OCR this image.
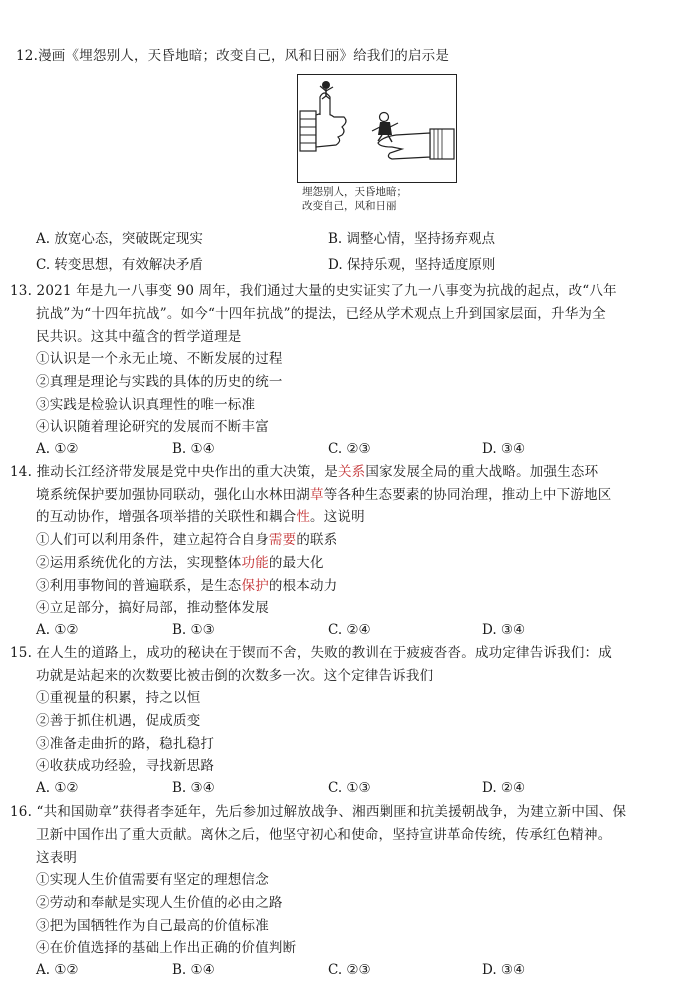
12.漫画《埋怨别人，天昏地暗；改变自己，风和日丽》给我们的启示是
埋怨别人，天昏地暗；
改变自己，风和日丽
A. 放宽心态，突破既定现实	B. 调整心情，坚持扬弃观点
C. 转变思想，有效解决矛盾	D. 保持乐观，坚持适度原则
13. 2021 年是九一八事变 90 周年，我们通过大量的史实证实了九一八事变为抗战的起点，改“八年
抗战”为“十四年抗战”。如今“十四年抗战”的提法，已经从学术观点上升到国家层面，升华为全
民共识。这其中蕴含的哲学道理是
①认识是一个永无止境、不断发展的过程
②真理是理论与实践的具体的历史的统一
③实践是检验认识真理性的唯一标准
④认识随着理论研究的发展而不断丰富
A. ①②	B. ①④	C. ②③	D. ③④
14. 推动长江经济带发展是党中央作出的重大决策，是关系国家发展全局的重大战略。加强生态环
境系统保护要加强协同联动，强化山水林田湖草等各种生态要素的协同治理，推动上中下游地区
的互动协作，增强各项举措的关联性和耦合性。这说明
①人们可以利用条件，建立起符合自身需要的联系
②运用系统优化的方法，实现整体功能的最大化
③利用事物间的普遍联系，是生态保护的根本动力
④立足部分，搞好局部，推动整体发展
A. ①②	B. ①③	C. ②④	D. ③④
15. 在人生的道路上，成功的秘诀在于锲而不舍，失败的教训在于疲疲沓沓。成功定律告诉我们：成
功就是站起来的次数要比被击倒的次数多一次。这个定律告诉我们
①重视量的积累，持之以恒
②善于抓住机遇，促成质变
③准备走曲折的路，稳扎稳打
④收获成功经验，寻找新思路
A. ①②	B. ③④	C. ①③	D. ②④
16. “共和国勋章”获得者李延年，先后参加过解放战争、湘西剿匪和抗美援朝战争，为建立新中国、保
卫新中国作出了重大贡献。离休之后，他坚守初心和使命，坚持宣讲革命传统，传承红色精神。
这表明
①实现人生价值需要有坚定的理想信念
②劳动和奉献是实现人生价值的必由之路
③把为国牺牲作为自己最高的价值标准
④在价值选择的基础上作出正确的价值判断
A. ①②	B. ①④	C. ②③	D. ③④
